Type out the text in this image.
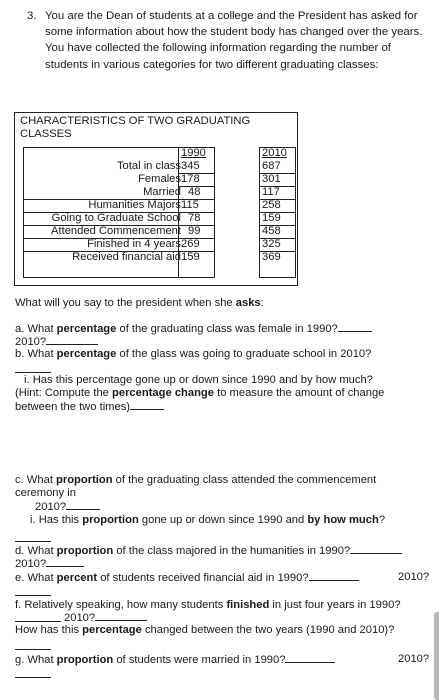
3. You are the Dean of students at a college and the President has asked for some information about how the student body has changed over the years. You have collected the following information regarding the number of students in various categories for two different graduating classes:
CHARACTERISTICS OF TWO GRADUATING CLASSES
1990	2010
Total in class 345	687
Females 178	301
Married 48	117
Humanities Majors 115	258
Going to Graduate School 78	159
Attended Commencement 99	458
Finished in 4 years 269	325
Received financial aid 159	369
What will you say to the president when she asks:
a. What percentage of the graduating class was female in 1990?
2010?
b. What percentage of the glass was going to graduate school in 2010?
i. Has this percentage gone up or down since 1990 and by how much?
(Hint: Compute the percentage change to measure the amount of change
between the two times)
c. What proportion of the graduating class attended the commencement
ceremony in
2010?
i. Has this proportion gone up or down since 1990 and by how much?
d. What proportion of the class majored in the humanities in 1990?
2010?
e. What percent of students received financial aid in 1990?	2010?
f. Relatively speaking, how many students finished in just four years in 1990?
2010?
How has this percentage changed between the two years (1990 and 2010)?
g. What proportion of students were married in 1990?	2010?
